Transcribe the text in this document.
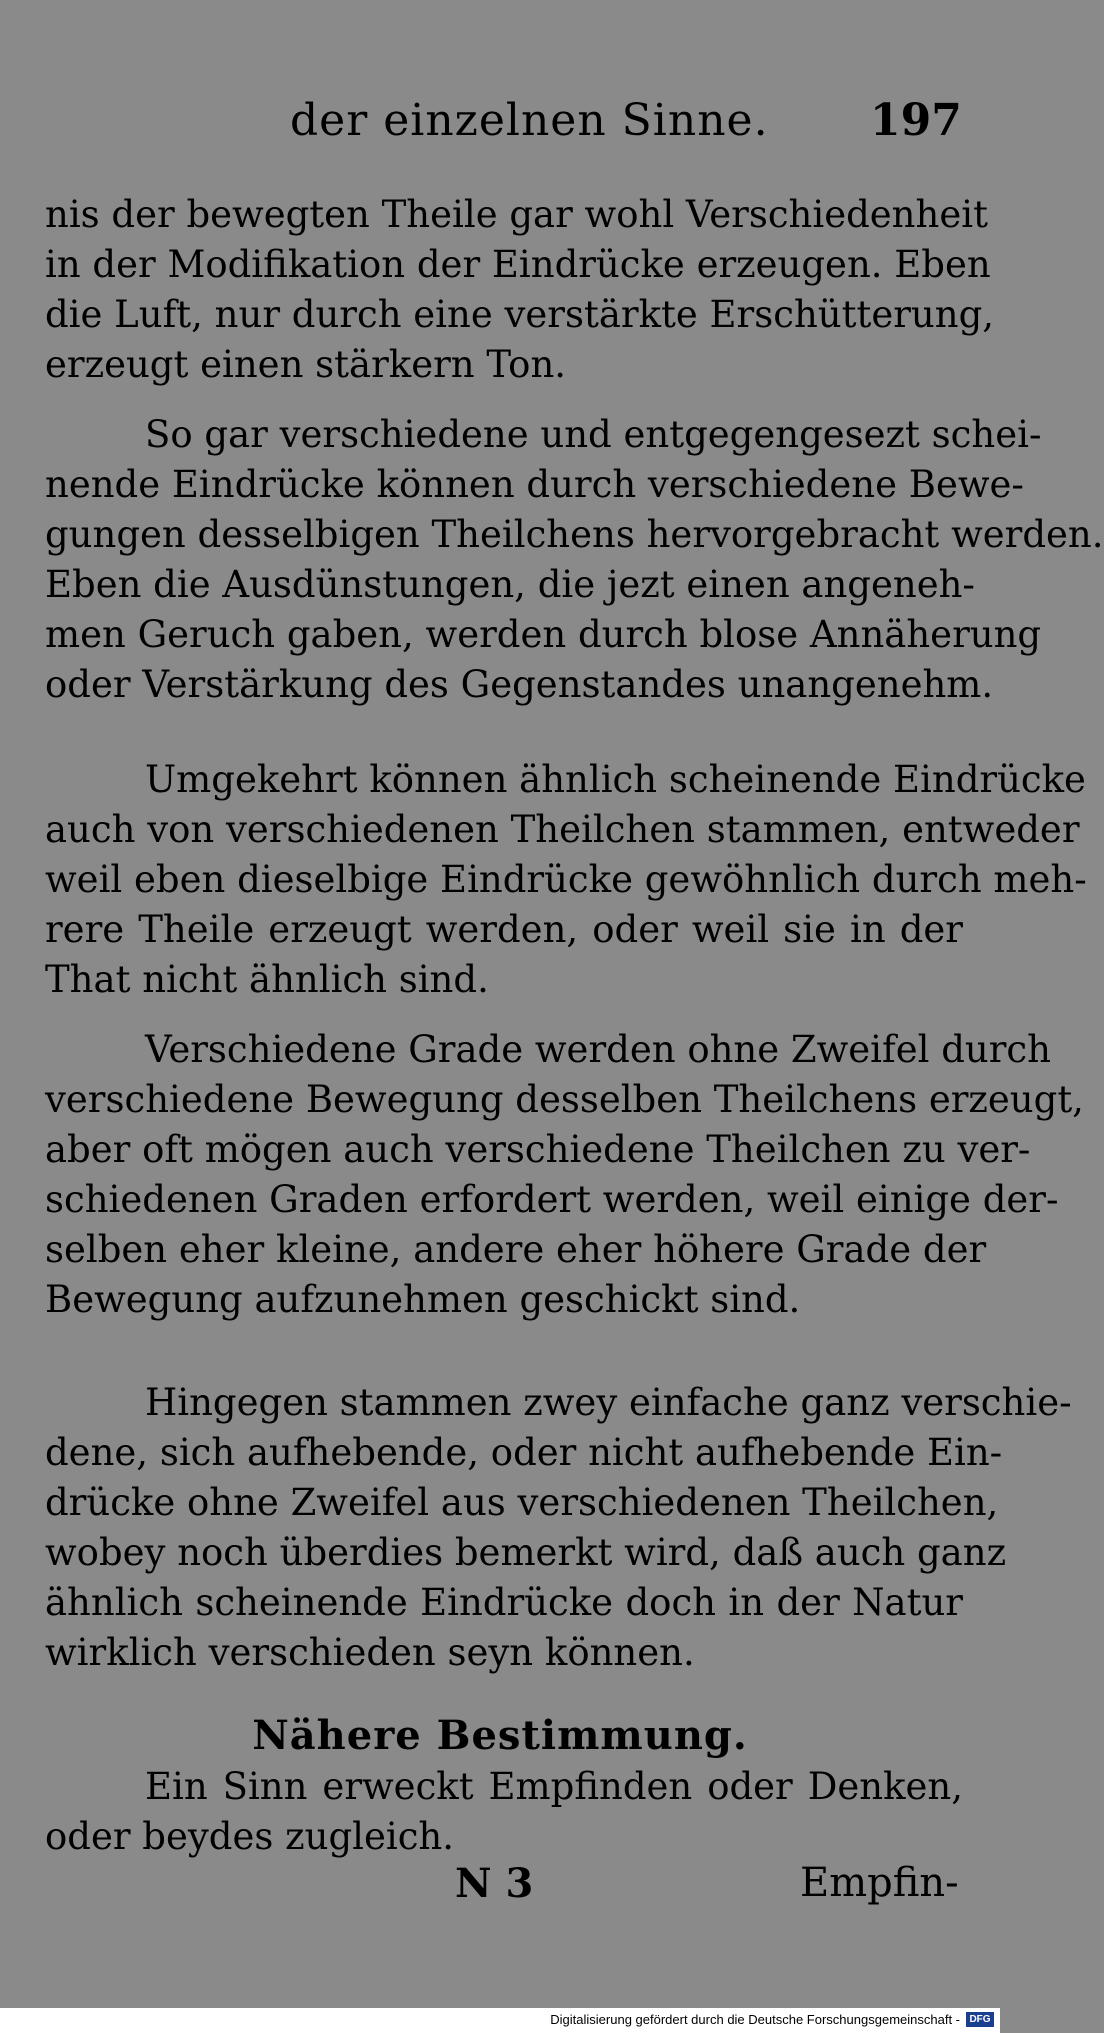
der einzelnen Sinne. 197
nis der bewegten Theile gar wohl Verschiedenheit
in der Modifikation der Eindrücke erzeugen. Eben
die Luft, nur durch eine verstärkte Erschütterung,
erzeugt einen stärkern Ton.
So gar verschiedene und entgegengesezt schei-
nende Eindrücke können durch verschiedene Bewe-
gungen desselbigen Theilchens hervorgebracht werden.
Eben die Ausdünstungen, die jezt einen angeneh-
men Geruch gaben, werden durch blose Annäherung
oder Verstärkung des Gegenstandes unangenehm.
Umgekehrt können ähnlich scheinende Eindrücke
auch von verschiedenen Theilchen stammen, entweder
weil eben dieselbige Eindrücke gewöhnlich durch meh-
rere Theile erzeugt werden, oder weil sie in der
That nicht ähnlich sind.
Verschiedene Grade werden ohne Zweifel durch
verschiedene Bewegung desselben Theilchens erzeugt,
aber oft mögen auch verschiedene Theilchen zu ver-
schiedenen Graden erfordert werden, weil einige der-
selben eher kleine, andere eher höhere Grade der
Bewegung aufzunehmen geschickt sind.
Hingegen stammen zwey einfache ganz verschie-
dene, sich aufhebende, oder nicht aufhebende Ein-
drücke ohne Zweifel aus verschiedenen Theilchen,
wobey noch überdies bemerkt wird, daß auch ganz
ähnlich scheinende Eindrücke doch in der Natur
wirklich verschieden seyn können.
Nähere Bestimmung.
Ein Sinn erweckt Empfinden oder Denken,
oder beydes zugleich.
N 3	Empfin-
Digitalisierung gefördert durch die Deutsche Forschungsgemeinschaft - DFG
